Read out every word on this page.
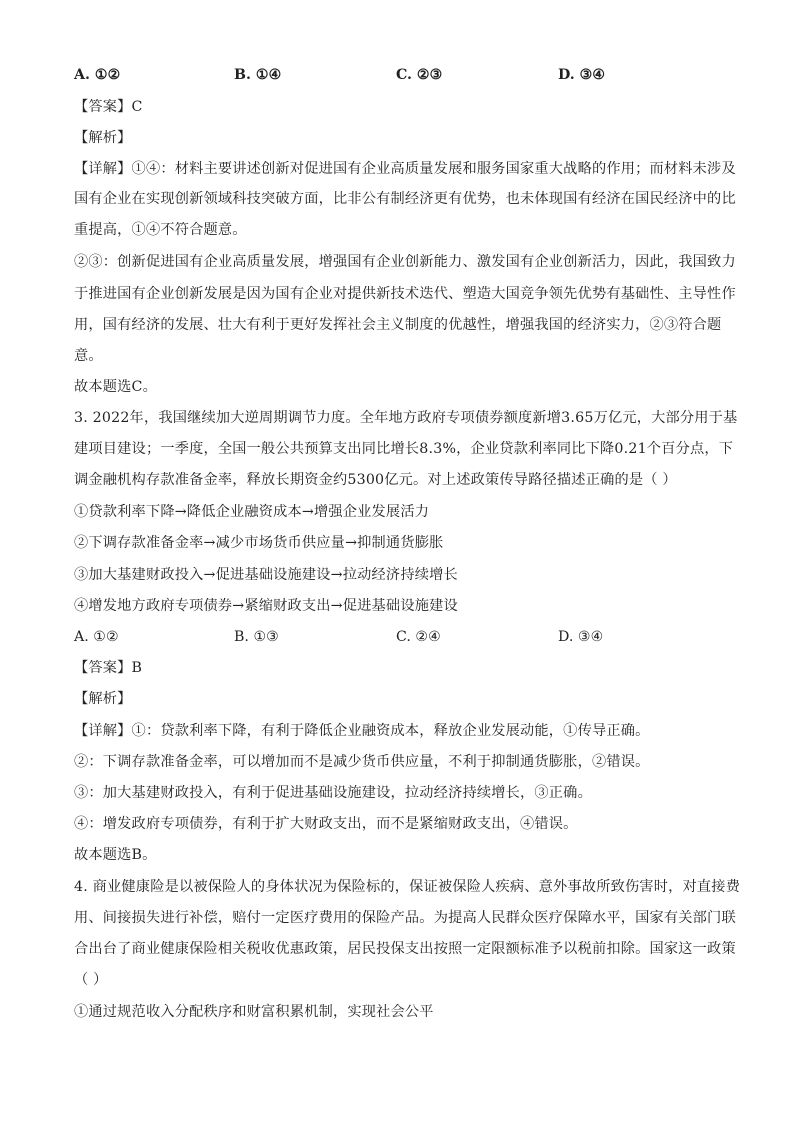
A. ①②	B. ①④	C. ②③	D. ③④
【答案】C
【解析】
【详解】①④：材料主要讲述创新对促进国有企业高质量发展和服务国家重大战略的作用；而材料未涉及
国有企业在实现创新领域科技突破方面，比非公有制经济更有优势，也未体现国有经济在国民经济中的比
重提高，①④不符合题意。
②③：创新促进国有企业高质量发展，增强国有企业创新能力、激发国有企业创新活力，因此，我国致力
于推进国有企业创新发展是因为国有企业对提供新技术迭代、塑造大国竞争领先优势有基础性、主导性作
用，国有经济的发展、壮大有利于更好发挥社会主义制度的优越性，增强我国的经济实力，②③符合题
意。
故本题选C。
3. 2022年，我国继续加大逆周期调节力度。全年地方政府专项债券额度新增3.65万亿元，大部分用于基
建项目建设；一季度，全国一般公共预算支出同比增长8.3%，企业贷款利率同比下降0.21个百分点，下
调金融机构存款准备金率，释放长期资金约5300亿元。对上述政策传导路径描述正确的是（ ）
①贷款利率下降→降低企业融资成本→增强企业发展活力
②下调存款准备金率→减少市场货币供应量→抑制通货膨胀
③加大基建财政投入→促进基础设施建设→拉动经济持续增长
④增发地方政府专项债券→紧缩财政支出→促进基础设施建设
A. ①②	B. ①③	C. ②④	D. ③④
【答案】B
【解析】
【详解】①：贷款利率下降，有利于降低企业融资成本，释放企业发展动能，①传导正确。
②：下调存款准备金率，可以增加而不是减少货币供应量，不利于抑制通货膨胀，②错误。
③：加大基建财政投入，有利于促进基础设施建设，拉动经济持续增长，③正确。
④：增发政府专项债券，有利于扩大财政支出，而不是紧缩财政支出，④错误。
故本题选B。
4. 商业健康险是以被保险人的身体状况为保险标的，保证被保险人疾病、意外事故所致伤害时，对直接费
用、间接损失进行补偿，赔付一定医疗费用的保险产品。为提高人民群众医疗保障水平，国家有关部门联
合出台了商业健康保险相关税收优惠政策，居民投保支出按照一定限额标准予以税前扣除。国家这一政策
（ ）
①通过规范收入分配秩序和财富积累机制，实现社会公平
